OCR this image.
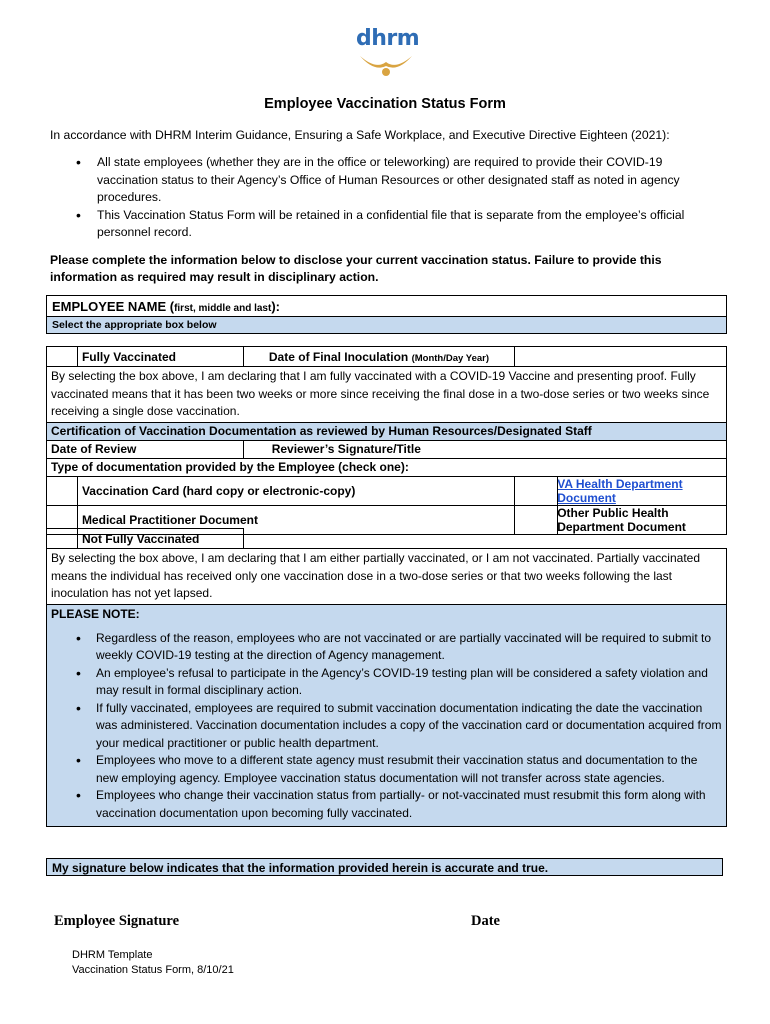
dhrm
Employee Vaccination Status Form
In accordance with DHRM Interim Guidance, Ensuring a Safe Workplace, and Executive Directive Eighteen (2021):
• All state employees (whether they are in the office or teleworking) are required to provide their COVID-19 vaccination status to their Agency’s Office of Human Resources or other designated staff as noted in agency procedures.
• This Vaccination Status Form will be retained in a confidential file that is separate from the employee’s official personnel record.
Please complete the information below to disclose your current vaccination status. Failure to provide this information as required may result in disciplinary action.
EMPLOYEE NAME (first, middle and last):
Select the appropriate box below
	Fully Vaccinated	Date of Final Inoculation (Month/Day Year)	
By selecting the box above, I am declaring that I am fully vaccinated with a COVID-19 Vaccine and presenting proof. Fully vaccinated means that it has been two weeks or more since receiving the final dose in a two-dose series or two weeks since receiving a single dose vaccination.			
Certification of Vaccination Documentation as reviewed by Human Resources/Designated Staff			
Date of Review		Reviewer’s Signature/Title	
Type of documentation provided by the Employee (check one):			
	Vaccination Card (hard copy or electronic-copy)		VA Health Department Document
	Medical Practitioner Document		Other Public Health Department Document
	Not Fully Vaccinated	
By selecting the box above, I am declaring that I am either partially vaccinated, or I am not vaccinated. Partially vaccinated means the individual has received only one vaccination dose in a two-dose series or that two weeks following the last inoculation has not yet lapsed.

PLEASE NOTE:
• Regardless of the reason, employees who are not vaccinated or are partially vaccinated will be required to submit to weekly COVID-19 testing at the direction of Agency management.
• An employee’s refusal to participate in the Agency’s COVID-19 testing plan will be considered a safety violation and may result in formal disciplinary action.
• If fully vaccinated, employees are required to submit vaccination documentation indicating the date the vaccination was administered. Vaccination documentation includes a copy of the vaccination card or documentation acquired from your medical practitioner or public health department.
• Employees who move to a different state agency must resubmit their vaccination status and documentation to the new employing agency. Employee vaccination status documentation will not transfer across state agencies.
• Employees who change their vaccination status from partially- or not-vaccinated must resubmit this form along with vaccination documentation upon becoming fully vaccinated.
My signature below indicates that the information provided herein is accurate and true.
Employee Signature	Date
DHRM Template
Vaccination Status Form, 8/10/21
